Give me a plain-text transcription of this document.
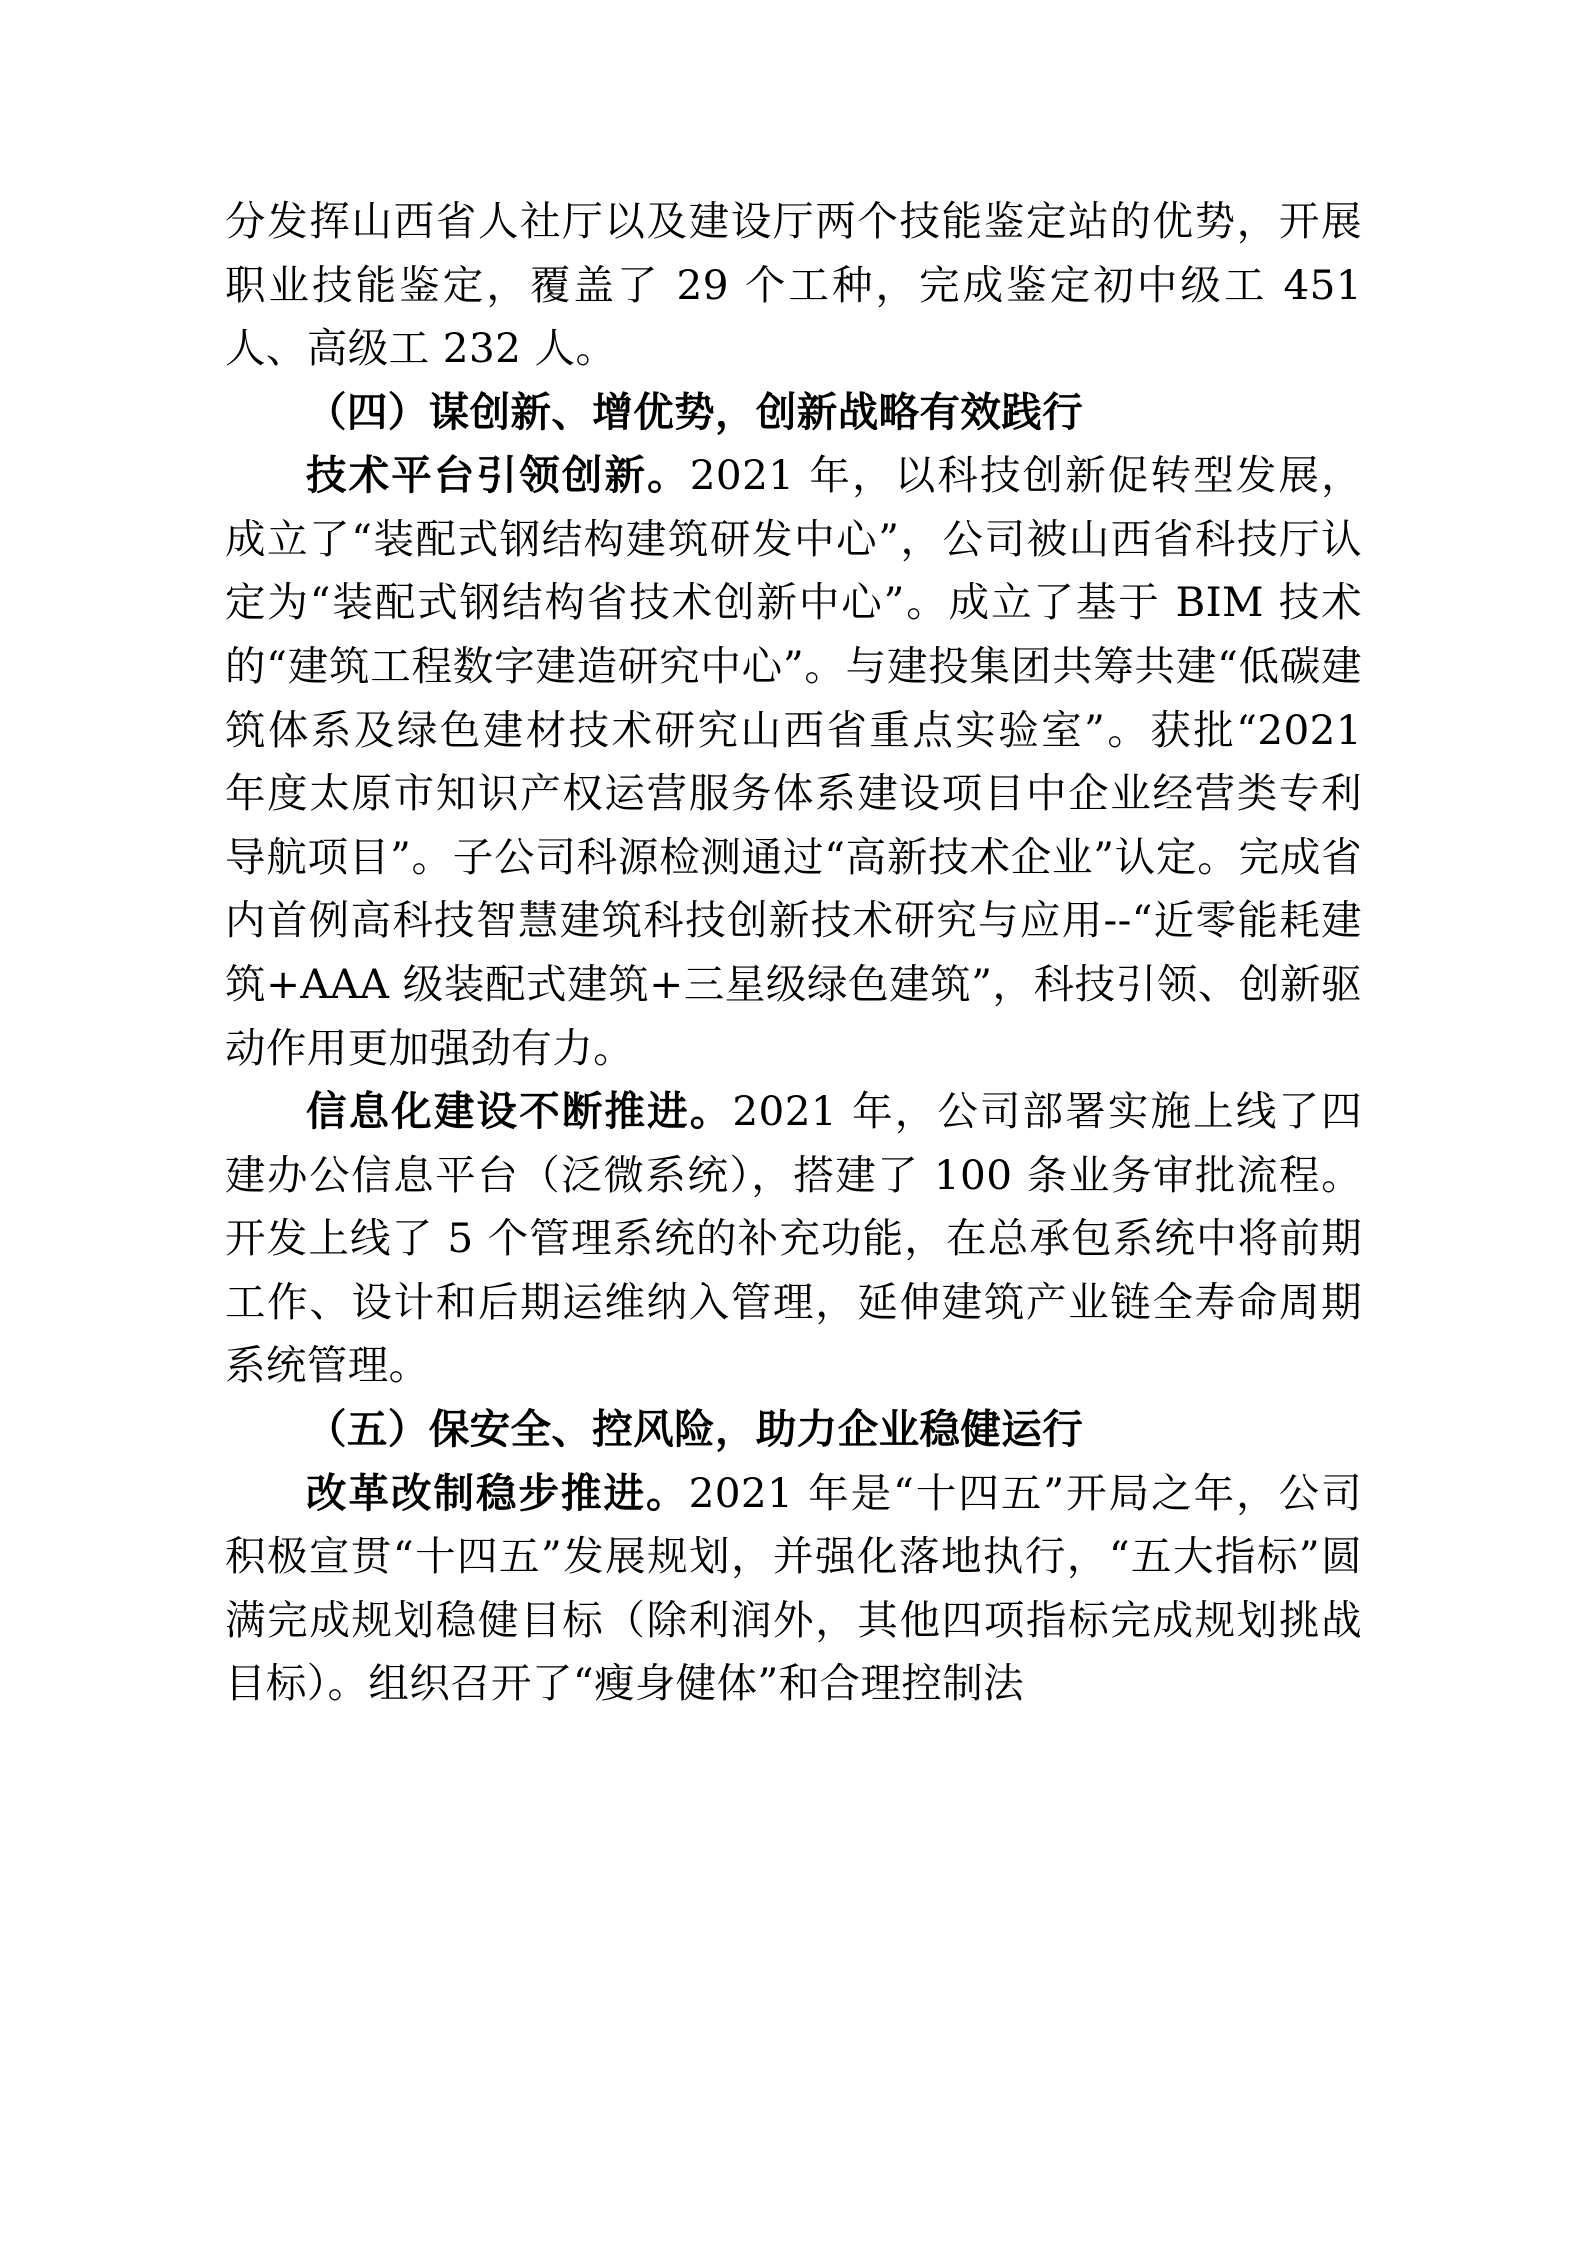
分发挥山西省人社厅以及建设厅两个技能鉴定站的优势，开展职业技能鉴定，覆盖了 29 个工种，完成鉴定初中级工 451 人、高级工 232 人。

（四）谋创新、增优势，创新战略有效践行

技术平台引领创新。2021 年，以科技创新促转型发展，成立了“装配式钢结构建筑研发中心”，公司被山西省科技厅认定为“装配式钢结构省技术创新中心”。成立了基于 BIM 技术的“建筑工程数字建造研究中心”。与建投集团共筹共建“低碳建筑体系及绿色建材技术研究山西省重点实验室”。获批“2021 年度太原市知识产权运营服务体系建设项目中企业经营类专利导航项目”。子公司科源检测通过“高新技术企业”认定。完成省内首例高科技智慧建筑科技创新技术研究与应用--“近零能耗建筑+AAA 级装配式建筑+三星级绿色建筑”，科技引领、创新驱动作用更加强劲有力。

信息化建设不断推进。2021 年，公司部署实施上线了四建办公信息平台（泛微系统），搭建了 100 条业务审批流程。开发上线了 5 个管理系统的补充功能，在总承包系统中将前期工作、设计和后期运维纳入管理，延伸建筑产业链全寿命周期系统管理。

（五）保安全、控风险，助力企业稳健运行

改革改制稳步推进。2021 年是“十四五”开局之年，公司积极宣贯“十四五”发展规划，并强化落地执行，“五大指标”圆满完成规划稳健目标（除利润外，其他四项指标完成规划挑战目标）。组织召开了“瘦身健体”和合理控制法
